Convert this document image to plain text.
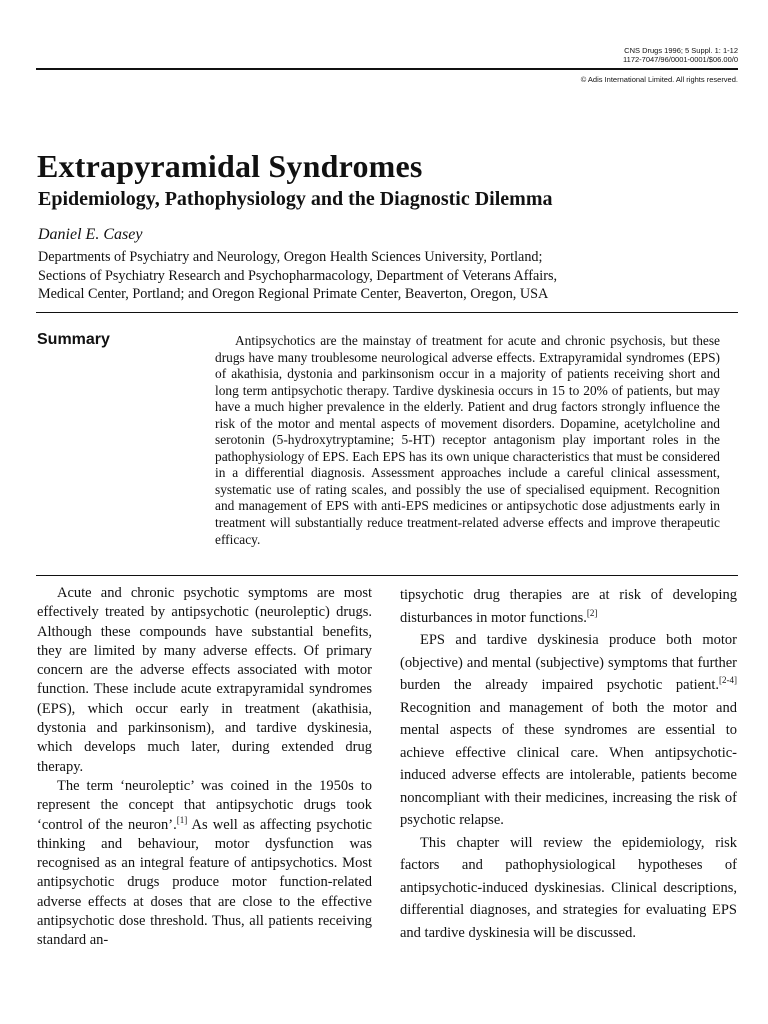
CNS Drugs 1996; 5 Suppl. 1: 1-12
1172-7047/96/0001-0001/$06.00/0
© Adis International Limited. All rights reserved.
Extrapyramidal Syndromes
Epidemiology, Pathophysiology and the Diagnostic Dilemma
Daniel E. Casey
Departments of Psychiatry and Neurology, Oregon Health Sciences University, Portland;
Sections of Psychiatry Research and Psychopharmacology, Department of Veterans Affairs,
Medical Center, Portland; and Oregon Regional Primate Center, Beaverton, Oregon, USA
Summary	Antipsychotics are the mainstay of treatment for acute and chronic psychosis, but these drugs have many troublesome neurological adverse effects. Extrapyramidal syndromes (EPS) of akathisia, dystonia and parkinsonism occur in a majority of patients receiving short and long term antipsychotic therapy. Tardive dyskinesia occurs in 15 to 20% of patients, but may have a much higher prevalence in the elderly. Patient and drug factors strongly influence the risk of the motor and mental aspects of movement disorders. Dopamine, acetylcholine and serotonin (5-hydroxytryptamine; 5-HT) receptor antagonism play important roles in the pathophysiology of EPS. Each EPS has its own unique characteristics that must be considered in a differential diagnosis. Assessment approaches include a careful clinical assessment, systematic use of rating scales, and possibly the use of specialised equipment. Recognition and management of EPS with anti-EPS medicines or antipsychotic dose adjustments early in treatment will substantially reduce treatment-related adverse effects and improve therapeutic efficacy.

Acute and chronic psychotic symptoms are most effectively treated by antipsychotic (neuroleptic) drugs. Although these compounds have substantial benefits, they are limited by many adverse effects. Of primary concern are the adverse effects associated with motor function. These include acute extrapyramidal syndromes (EPS), which occur early in treatment (akathisia, dystonia and parkinsonism), and tardive dyskinesia, which develops much later, during extended drug therapy.

The term ‘neuroleptic’ was coined in the 1950s to represent the concept that antipsychotic drugs took ‘control of the neuron’.[1] As well as affecting psychotic thinking and behaviour, motor dysfunction was recognised as an integral feature of antipsychotics. Most antipsychotic drugs produce motor function-related adverse effects at doses that are close to the effective antipsychotic dose threshold. Thus, all patients receiving standard an-

tipsychotic drug therapies are at risk of developing disturbances in motor functions.[2]

EPS and tardive dyskinesia produce both motor (objective) and mental (subjective) symptoms that further burden the already impaired psychotic patient.[2-4] Recognition and management of both the motor and mental aspects of these syndromes are essential to achieve effective clinical care. When antipsychotic-induced adverse effects are intolerable, patients become noncompliant with their medicines, increasing the risk of psychotic relapse.

This chapter will review the epidemiology, risk factors and pathophysiological hypotheses of antipsychotic-induced dyskinesias. Clinical descriptions, differential diagnoses, and strategies for evaluating EPS and tardive dyskinesia will be discussed.
